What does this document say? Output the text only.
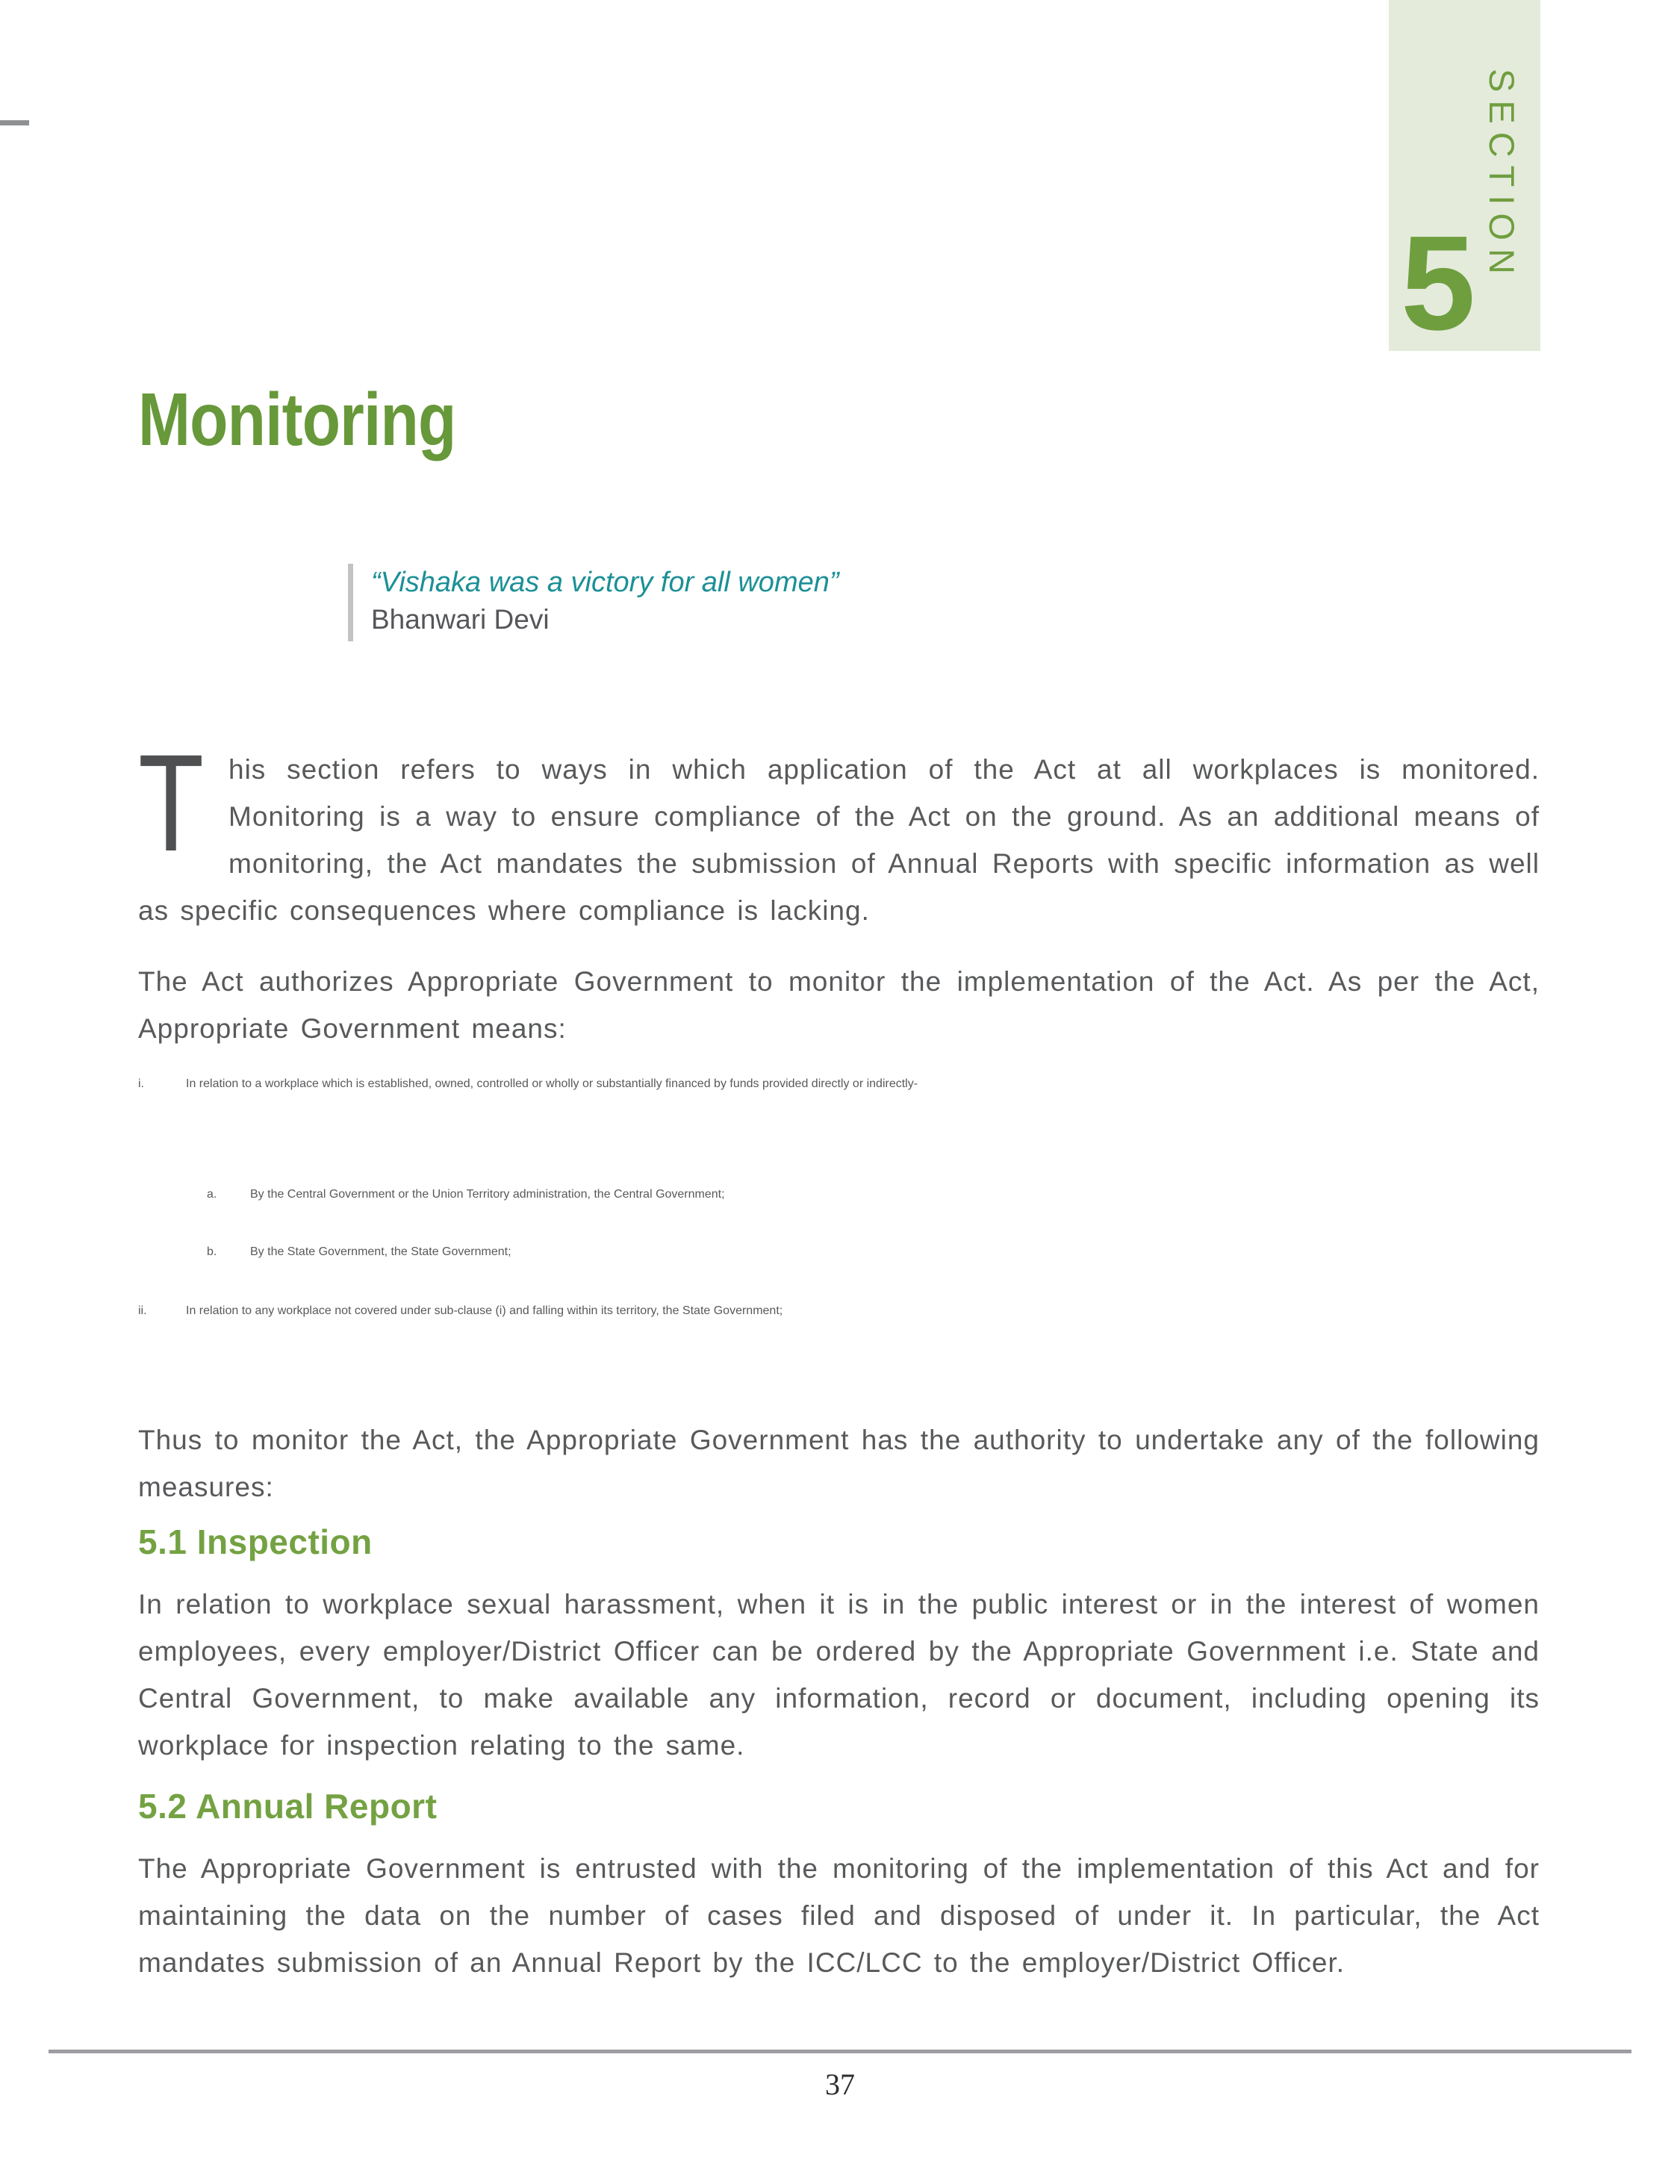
5
SECTION
Monitoring
“Vishaka was a victory for all women”
Bhanwari Devi

This section refers to ways in which application of the Act at all workplaces is monitored. Monitoring is a way to ensure compliance of the Act on the ground. As an additional means of monitoring, the Act mandates the submission of Annual Reports with specific information as well as specific consequences where compliance is lacking.

The Act authorizes Appropriate Government to monitor the implementation of the Act. As per the Act, Appropriate Government means:

i.	In relation to a workplace which is established, owned, controlled or wholly or substantially financed by funds provided directly or indirectly-
a.	By the Central Government or the Union Territory administration, the Central Government;
b.	By the State Government, the State Government;
ii.	In relation to any workplace not covered under sub-clause (i) and falling within its territory, the State Government;

Thus to monitor the Act, the Appropriate Government has the authority to undertake any of the following measures:

5.1 Inspection

In relation to workplace sexual harassment, when it is in the public interest or in the interest of women employees, every employer/District Officer can be ordered by the Appropriate Government i.e. State and Central Government, to make available any information, record or document, including opening its workplace for inspection relating to the same.

5.2 Annual Report

The Appropriate Government is entrusted with the monitoring of the implementation of this Act and for maintaining the data on the number of cases filed and disposed of under it. In particular, the Act mandates submission of an Annual Report by the ICC/LCC to the employer/District Officer.

37
